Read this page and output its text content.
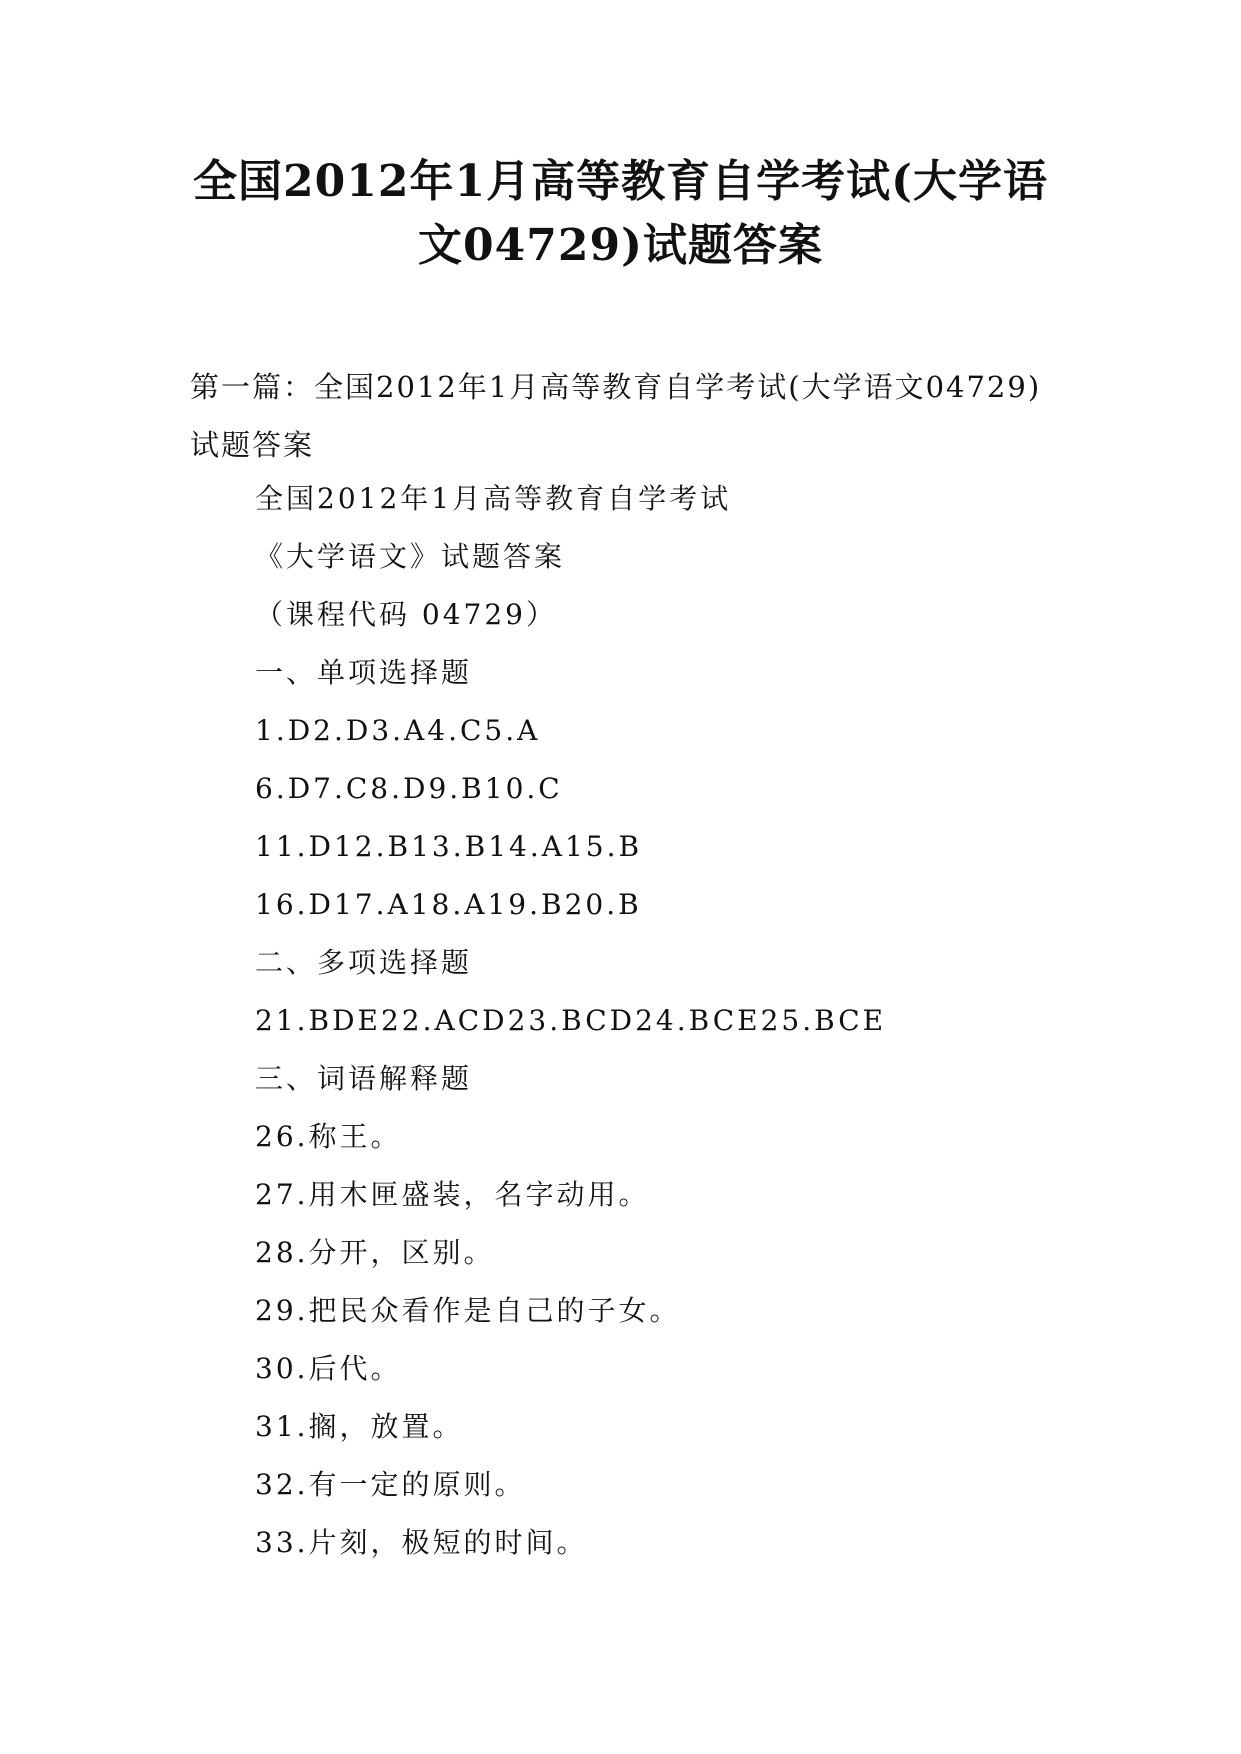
全国2012年1月高等教育自学考试(大学语
文04729)试题答案

第一篇：全国2012年1月高等教育自学考试(大学语文04729)试题答案

全国2012年1月高等教育自学考试
《大学语文》试题答案
（课程代码 04729）
一、单项选择题
1.D2.D3.A4.C5.A
6.D7.C8.D9.B10.C
11.D12.B13.B14.A15.B
16.D17.A18.A19.B20.B
二、多项选择题
21.BDE22.ACD23.BCD24.BCE25.BCE
三、词语解释题
26.称王。
27.用木匣盛装，名字动用。
28.分开，区别。
29.把民众看作是自己的子女。
30.后代。
31.搁，放置。
32.有一定的原则。
33.片刻，极短的时间。
